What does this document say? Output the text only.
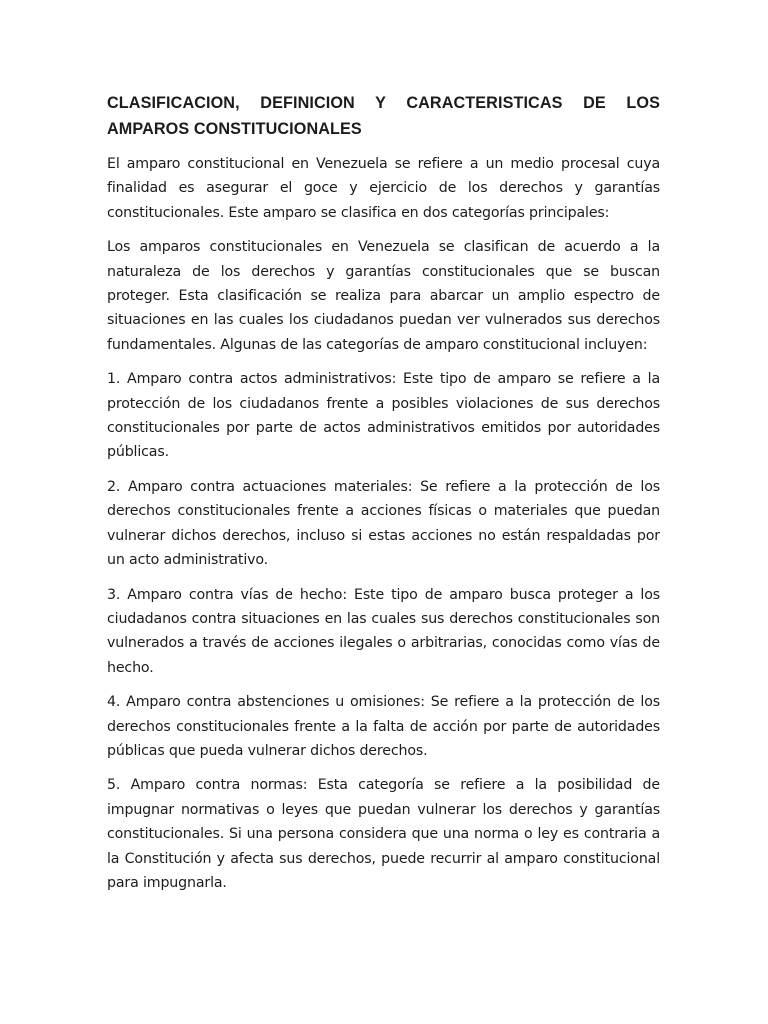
CLASIFICACION, DEFINICION Y CARACTERISTICAS DE LOS AMPAROS CONSTITUCIONALES

El amparo constitucional en Venezuela se refiere a un medio procesal cuya finalidad es asegurar el goce y ejercicio de los derechos y garantías constitucionales. Este amparo se clasifica en dos categorías principales:

Los amparos constitucionales en Venezuela se clasifican de acuerdo a la naturaleza de los derechos y garantías constitucionales que se buscan proteger. Esta clasificación se realiza para abarcar un amplio espectro de situaciones en las cuales los ciudadanos puedan ver vulnerados sus derechos fundamentales. Algunas de las categorías de amparo constitucional incluyen:

1. Amparo contra actos administrativos: Este tipo de amparo se refiere a la protección de los ciudadanos frente a posibles violaciones de sus derechos constitucionales por parte de actos administrativos emitidos por autoridades públicas.

2. Amparo contra actuaciones materiales: Se refiere a la protección de los derechos constitucionales frente a acciones físicas o materiales que puedan vulnerar dichos derechos, incluso si estas acciones no están respaldadas por un acto administrativo.

3. Amparo contra vías de hecho: Este tipo de amparo busca proteger a los ciudadanos contra situaciones en las cuales sus derechos constitucionales son vulnerados a través de acciones ilegales o arbitrarias, conocidas como vías de hecho.

4. Amparo contra abstenciones u omisiones: Se refiere a la protección de los derechos constitucionales frente a la falta de acción por parte de autoridades públicas que pueda vulnerar dichos derechos.

5. Amparo contra normas: Esta categoría se refiere a la posibilidad de impugnar normativas o leyes que puedan vulnerar los derechos y garantías constitucionales. Si una persona considera que una norma o ley es contraria a la Constitución y afecta sus derechos, puede recurrir al amparo constitucional para impugnarla.
